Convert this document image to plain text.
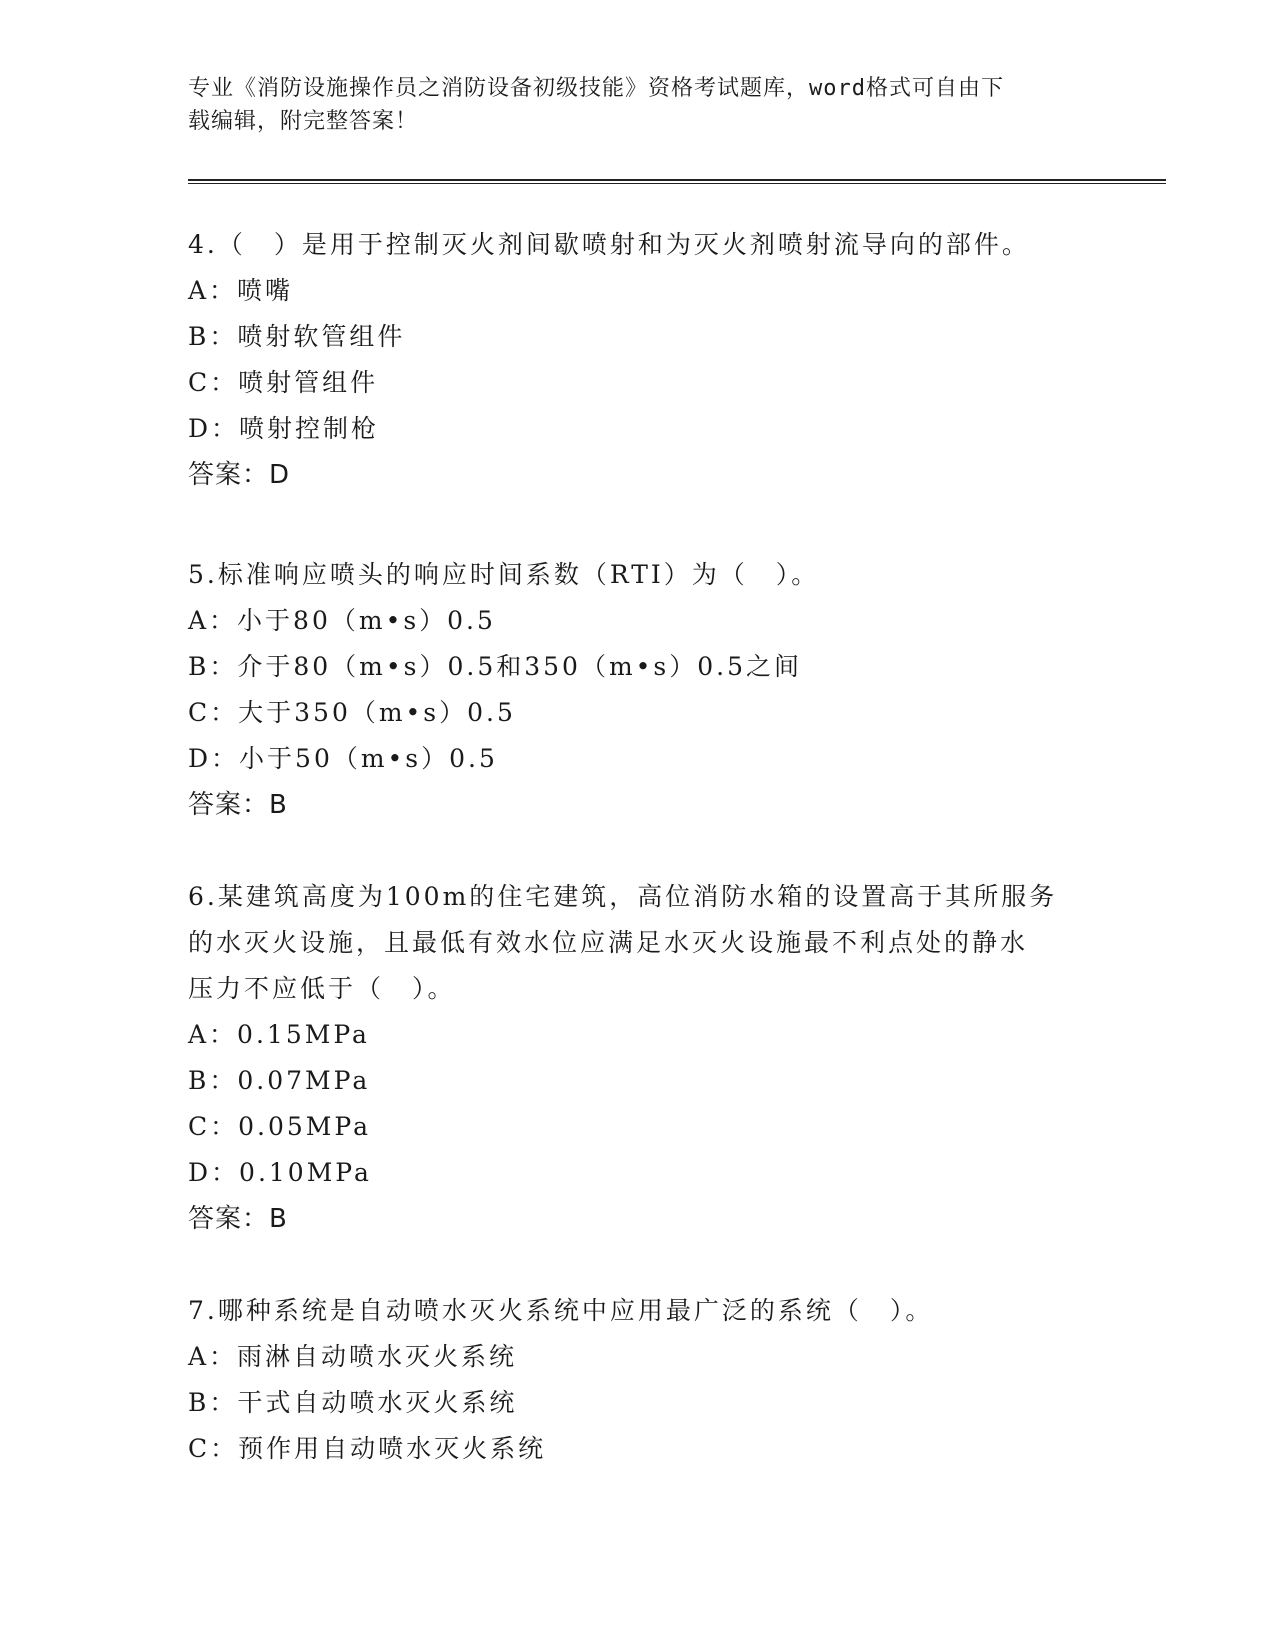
专业《消防设施操作员之消防设备初级技能》资格考试题库，word格式可自由下
载编辑，附完整答案！
4.（　）是用于控制灭火剂间歇喷射和为灭火剂喷射流导向的部件。
A：喷嘴
B：喷射软管组件
C：喷射管组件
D：喷射控制枪
答案：D
5.标准响应喷头的响应时间系数（RTI）为（　）。
A：小于80（m•s）0.5
B：介于80（m•s）0.5和350（m•s）0.5之间
C：大于350（m•s）0.5
D：小于50（m•s）0.5
答案：B
6.某建筑高度为100m的住宅建筑，高位消防水箱的设置高于其所服务
的水灭火设施，且最低有效水位应满足水灭火设施最不利点处的静水
压力不应低于（　）。
A：0.15MPa
B：0.07MPa
C：0.05MPa
D：0.10MPa
答案：B
7.哪种系统是自动喷水灭火系统中应用最广泛的系统（　）。
A：雨淋自动喷水灭火系统
B：干式自动喷水灭火系统
C：预作用自动喷水灭火系统
